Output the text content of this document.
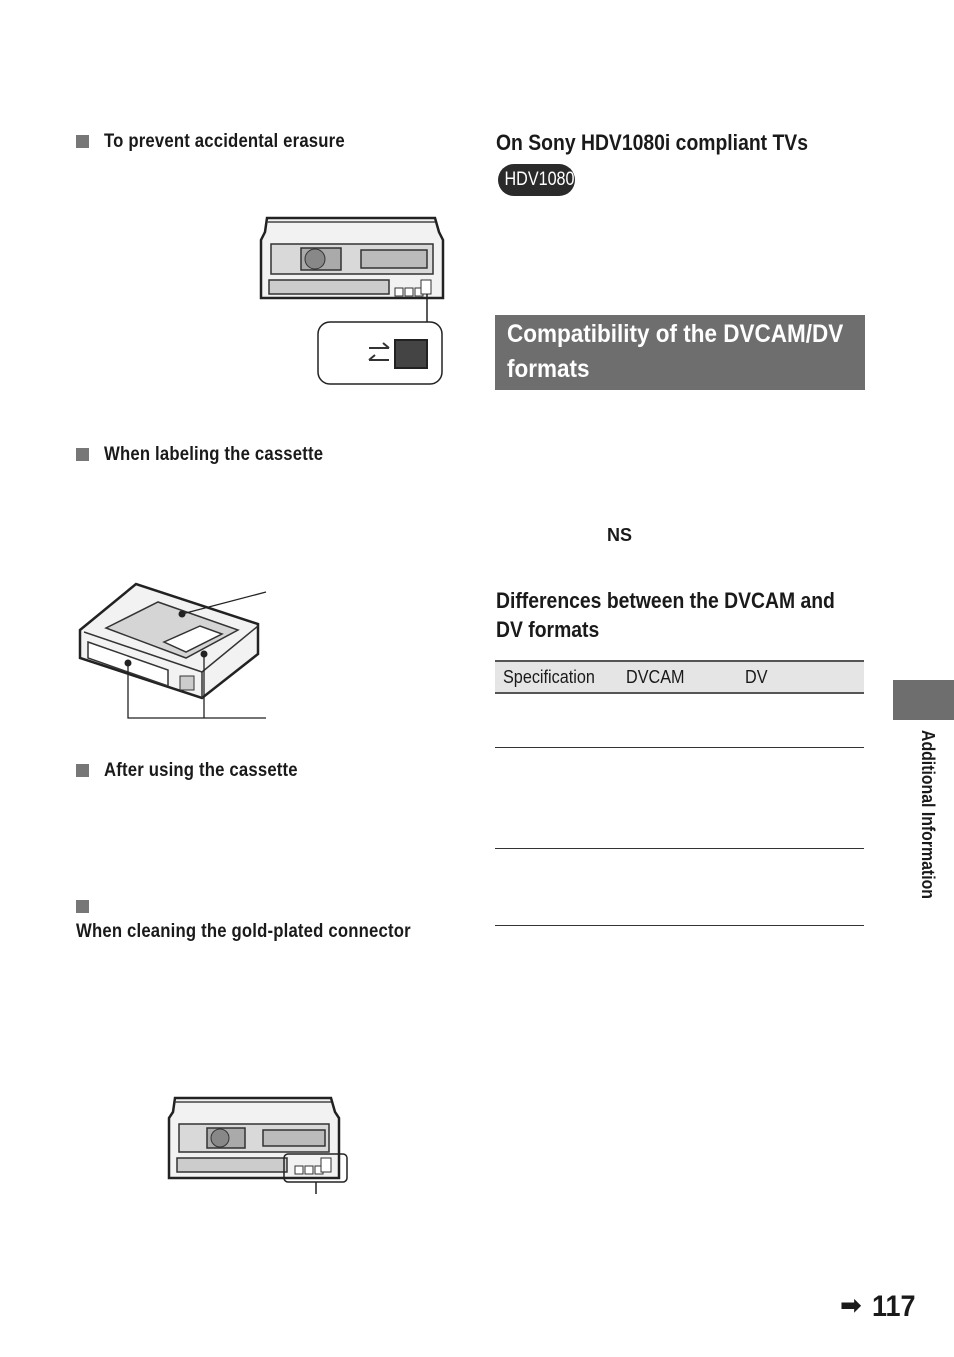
To prevent accidental erasure
When labeling the cassette
After using the cassette
When cleaning the gold-plated connector
On Sony HDV1080i compliant TVs
HDV1080i
Compatibility of the DVCAM/DV formats
NS
Differences between the DVCAM and DV formats
Specification DVCAM	DV
Additional Information
➡ 117
